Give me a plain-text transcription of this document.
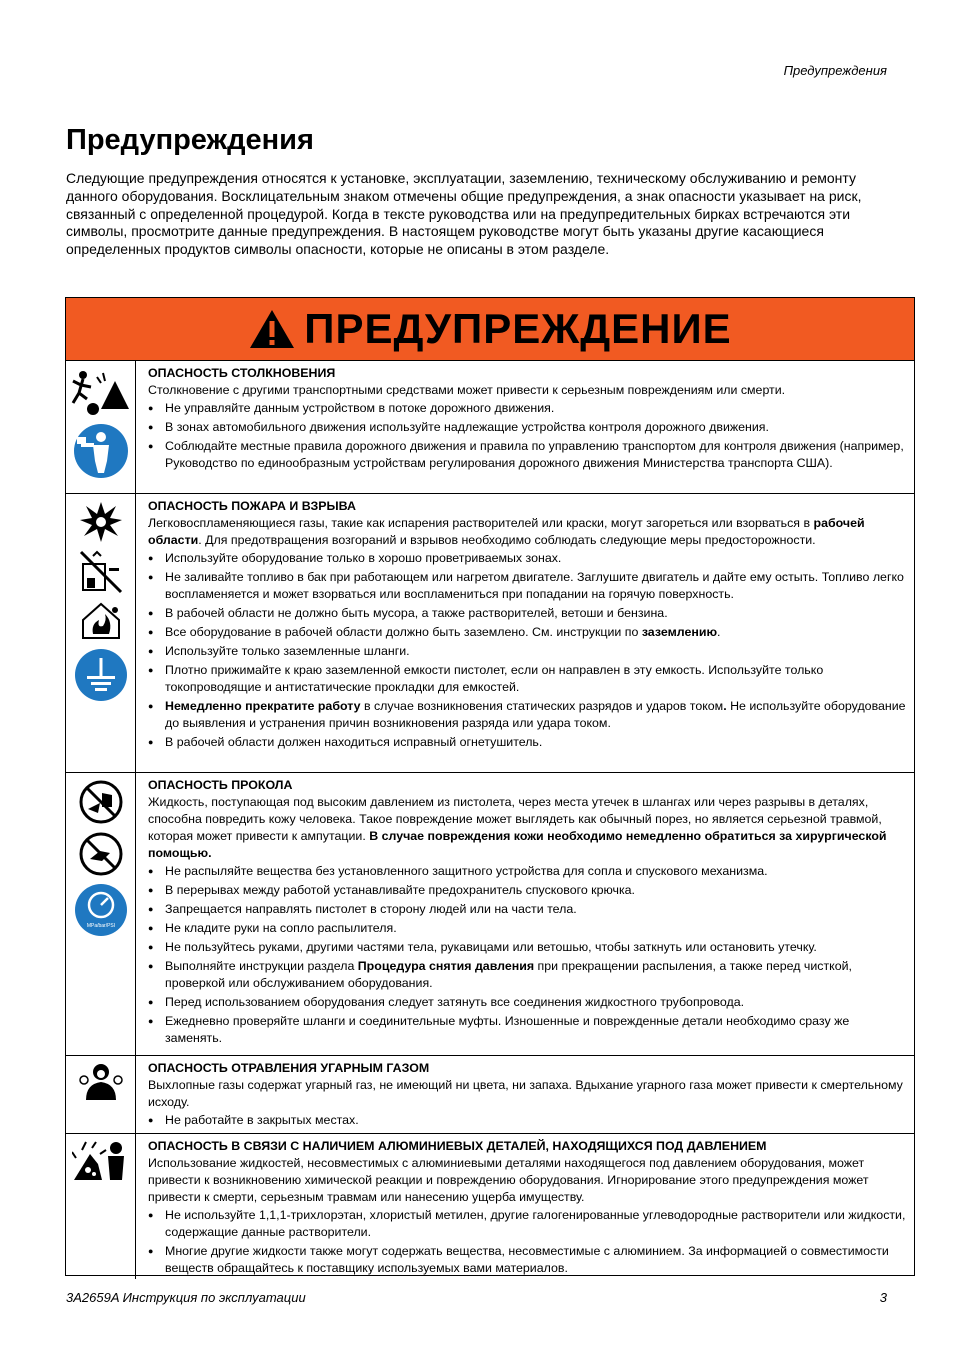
Предупреждения
Предупреждения

Следующие предупреждения относятся к установке, эксплуатации, заземлению, техническому обслуживанию и ремонту данного оборудования. Восклицательным знаком отмечены общие предупреждения, а знак опасности указывает на риск, связанный с определенной процедурой. Когда в тексте руководства или на предупредительных бирках встречаются эти символы, просмотрите данные предупреждения. В настоящем руководстве могут быть указаны другие касающиеся определенных продуктов символы опасности, которые не описаны в этом разделе.

ПРЕДУПРЕЖДЕНИЕ
ОПАСНОСТЬ СТОЛКНОВЕНИЯ

Столкновение с другими транспортными средствами может привести к серьезным повреждениям или смерти.

● Не управляйте данным устройством в потоке дорожного движения.
● В зонах автомобильного движения используйте надлежащие устройства контроля дорожного движения.
● Соблюдайте местные правила дорожного движения и правила по управлению транспортом для контроля движения (например, Руководство по единообразным устройствам регулирования дорожного движения Министерства транспорта США).
ОПАСНОСТЬ ПОЖАРА И ВЗРЫВА

Легковоспламеняющиеся газы, такие как испарения растворителей или краски, могут загореться или взорваться в рабочей области. Для предотвращения возгораний и взрывов необходимо соблюдать следующие меры предосторожности.

● Используйте оборудование только в хорошо проветриваемых зонах.
● Не заливайте топливо в бак при работающем или нагретом двигателе. Заглушите двигатель и дайте ему остыть. Топливо легко воспламеняется и может взорваться или воспламениться при попадании на горячую поверхность.
● В рабочей области не должно быть мусора, а также растворителей, ветоши и бензина.
● Все оборудование в рабочей области должно быть заземлено. См. инструкции по заземлению.
● Используйте только заземленные шланги.
● Плотно прижимайте к краю заземленной емкости пистолет, если он направлен в эту емкость. Используйте только токопроводящие и антистатические прокладки для емкостей.
● Немедленно прекратите работу в случае возникновения статических разрядов и ударов током. Не используйте оборудование до выявления и устранения причин возникновения разряда или удара током.
● В рабочей области должен находиться исправный огнетушитель.
MPa/bar/PSI
ОПАСНОСТЬ ПРОКОЛА

Жидкость, поступающая под высоким давлением из пистолета, через места утечек в шлангах или через разрывы в деталях, способна повредить кожу человека. Такое повреждение может выглядеть как обычный порез, но является серьезной травмой, которая может привести к ампутации. В случае повреждения кожи необходимо немедленно обратиться за хирургической помощью.

● Не распыляйте вещества без установленного защитного устройства для сопла и спускового механизма.
● В перерывах между работой устанавливайте предохранитель спускового крючка.
● Запрещается направлять пистолет в сторону людей или на части тела.
● Не кладите руки на сопло распылителя.
● Не пользуйтесь руками, другими частями тела, рукавицами или ветошью, чтобы заткнуть или остановить утечку.
● Выполняйте инструкции раздела Процедура снятия давления при прекращении распыления, а также перед чисткой, проверкой или обслуживанием оборудования.
● Перед использованием оборудования следует затянуть все соединения жидкостного трубопровода.
● Ежедневно проверяйте шланги и соединительные муфты. Изношенные и поврежденные детали необходимо сразу же заменять.
ОПАСНОСТЬ ОТРАВЛЕНИЯ УГАРНЫМ ГАЗОМ

Выхлопные газы содержат угарный газ, не имеющий ни цвета, ни запаха. Вдыхание угарного газа может привести к смертельному исходу.

● Не работайте в закрытых местах.
ОПАСНОСТЬ В СВЯЗИ С НАЛИЧИЕМ АЛЮМИНИЕВЫХ ДЕТАЛЕЙ, НАХОДЯЩИХСЯ ПОД ДАВЛЕНИЕМ

Использование жидкостей, несовместимых с алюминиевыми деталями находящегося под давлением оборудования, может привести к возникновению химической реакции и повреждению оборудования. Игнорирование этого предупреждения может привести к смерти, серьезным травмам или нанесению ущерба имуществу.

● Не используйте 1,1,1-трихлорэтан, хлористый метилен, другие галогенированные углеводородные растворители или жидкости, содержащие данные растворители.
● Многие другие жидкости также могут содержать вещества, несовместимые с алюминием. За информацией о совместимости веществ обращайтесь к поставщику используемых вами материалов.
3A2659A Инструкция по эксплуатации	3
